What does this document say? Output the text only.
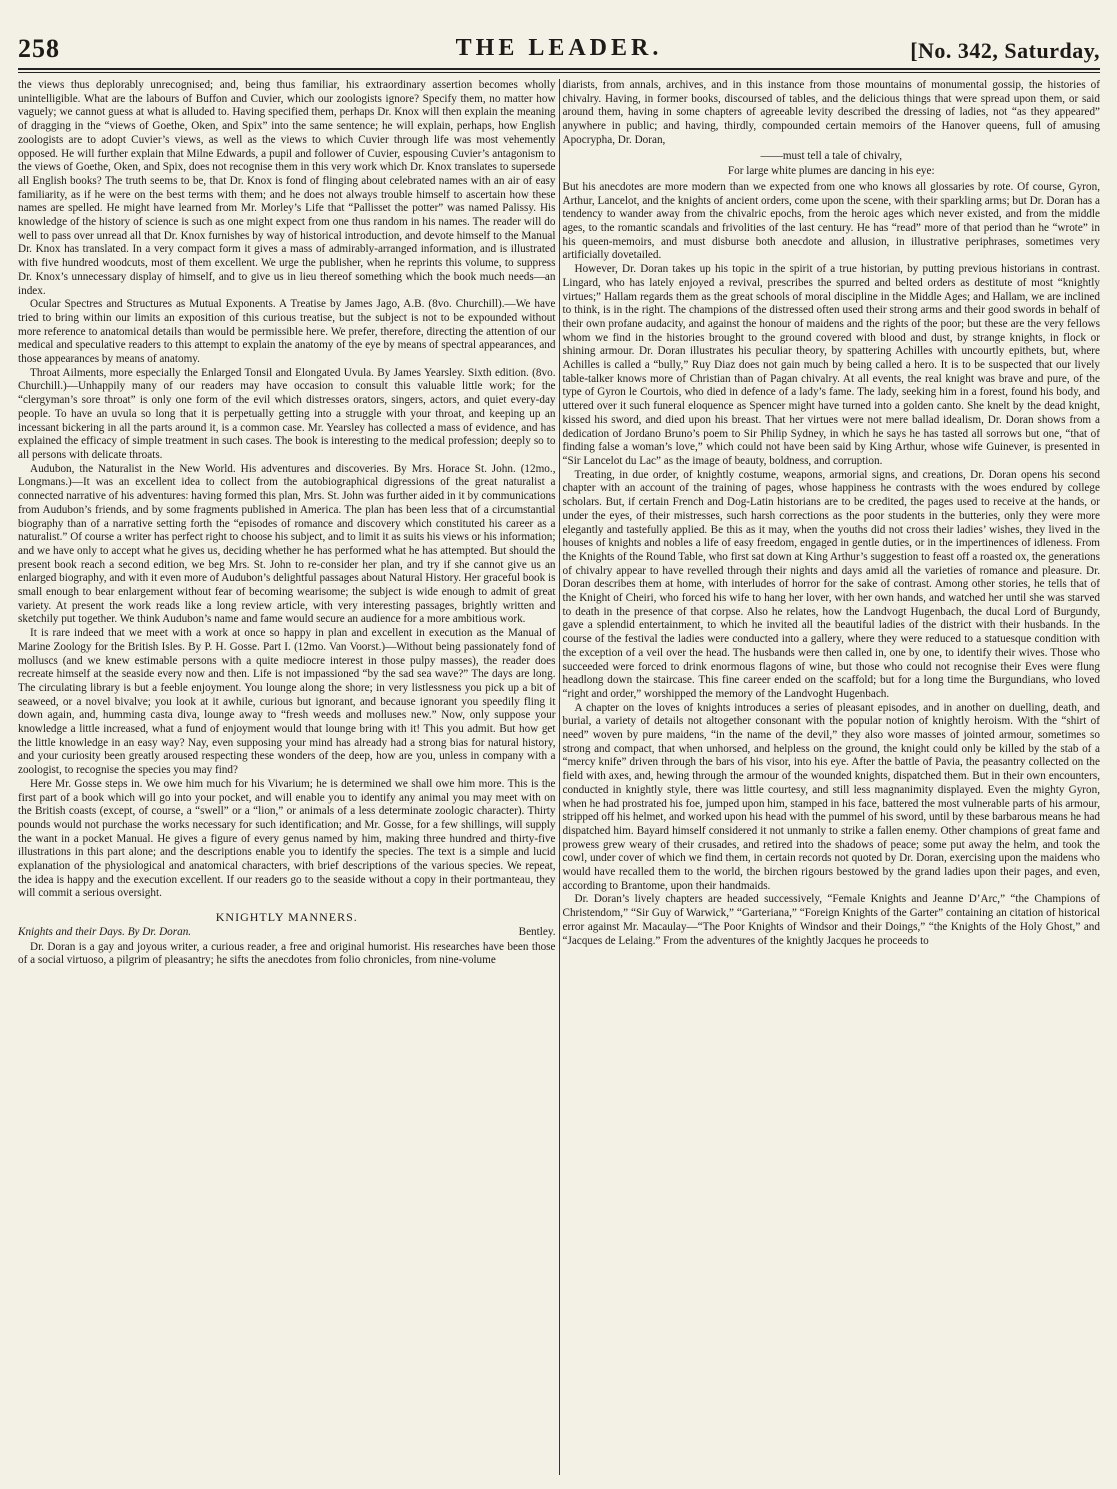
258	THE LEADER.	[No. 342, Saturday,

the views thus deplorably unrecognised; and, being thus familiar, his extraordinary assertion becomes wholly unintelligible. What are the labours of Buffon and Cuvier, which our zoologists ignore? Specify them, no matter how vaguely; we cannot guess at what is alluded to. Having specified them, perhaps Dr. Knox will then explain the meaning of dragging in the “views of Goethe, Oken, and Spix” into the same sentence; he will explain, perhaps, how English zoologists are to adopt Cuvier’s views, as well as the views to which Cuvier through life was most vehemently opposed. He will further explain that Milne Edwards, a pupil and follower of Cuvier, espousing Cuvier’s antagonism to the views of Goethe, Oken, and Spix, does not recognise them in this very work which Dr. Knox translates to supersede all English books? The truth seems to be, that Dr. Knox is fond of flinging about celebrated names with an air of easy familiarity, as if he were on the best terms with them; and he does not always trouble himself to ascertain how these names are spelled. He might have learned from Mr. Morley’s Life that “Pallisset the potter” was named Palissy. His knowledge of the history of science is such as one might expect from one thus random in his names. The reader will do well to pass over unread all that Dr. Knox furnishes by way of historical introduction, and devote himself to the Manual Dr. Knox has translated. In a very compact form it gives a mass of admirably-arranged information, and is illustrated with five hundred woodcuts, most of them excellent. We urge the publisher, when he reprints this volume, to suppress Dr. Knox’s unnecessary display of himself, and to give us in lieu thereof something which the book much needs—an index.

Ocular Spectres and Structures as Mutual Exponents. A Treatise by James Jago, A.B. (8vo. Churchill).—We have tried to bring within our limits an exposition of this curious treatise, but the subject is not to be expounded without more reference to anatomical details than would be permissible here. We prefer, therefore, directing the attention of our medical and speculative readers to this attempt to explain the anatomy of the eye by means of spectral appearances, and those appearances by means of anatomy.

Throat Ailments, more especially the Enlarged Tonsil and Elongated Uvula. By James Yearsley. Sixth edition. (8vo. Churchill.)—Unhappily many of our readers may have occasion to consult this valuable little work; for the “clergyman’s sore throat” is only one form of the evil which distresses orators, singers, actors, and quiet every-day people. To have an uvula so long that it is perpetually getting into a struggle with your throat, and keeping up an incessant bickering in all the parts around it, is a common case. Mr. Yearsley has collected a mass of evidence, and has explained the efficacy of simple treatment in such cases. The book is interesting to the medical profession; deeply so to all persons with delicate throats.

Audubon, the Naturalist in the New World. His adventures and discoveries. By Mrs. Horace St. John. (12mo., Longmans.)—It was an excellent idea to collect from the autobiographical digressions of the great naturalist a connected narrative of his adventures: having formed this plan, Mrs. St. John was further aided in it by communications from Audubon’s friends, and by some fragments published in America. The plan has been less that of a circumstantial biography than of a narrative setting forth the “episodes of romance and discovery which constituted his career as a naturalist.” Of course a writer has perfect right to choose his subject, and to limit it as suits his views or his information; and we have only to accept what he gives us, deciding whether he has performed what he has attempted. But should the present book reach a second edition, we beg Mrs. St. John to re-consider her plan, and try if she cannot give us an enlarged biography, and with it even more of Audubon’s delightful passages about Natural History. Her graceful book is small enough to bear enlargement without fear of becoming wearisome; the subject is wide enough to admit of great variety. At present the work reads like a long review article, with very interesting passages, brightly written and sketchily put together. We think Audubon’s name and fame would secure an audience for a more ambitious work.

It is rare indeed that we meet with a work at once so happy in plan and excellent in execution as the Manual of Marine Zoology for the British Isles. By P. H. Gosse. Part I. (12mo. Van Voorst.)—Without being passionately fond of molluscs (and we knew estimable persons with a quite mediocre interest in those pulpy masses), the reader does recreate himself at the seaside every now and then. Life is not impassioned “by the sad sea wave?” The days are long. The circulating library is but a feeble enjoyment. You lounge along the shore; in very listlessness you pick up a bit of seaweed, or a novel bivalve; you look at it awhile, curious but ignorant, and because ignorant you speedily fling it down again, and, humming casta diva, lounge away to “fresh weeds and molluses new.” Now, only suppose your knowledge a little increased, what a fund of enjoyment would that lounge bring with it! This you admit. But how get the little knowledge in an easy way? Nay, even supposing your mind has already had a strong bias for natural history, and your curiosity been greatly aroused respecting these wonders of the deep, how are you, unless in company with a zoologist, to recognise the species you may find?

Here Mr. Gosse steps in. We owe him much for his Vivarium; he is determined we shall owe him more. This is the first part of a book which will go into your pocket, and will enable you to identify any animal you may meet with on the British coasts (except, of course, a “swell” or a “lion,” or animals of a less determinate zoologic character). Thirty pounds would not purchase the works necessary for such identification; and Mr. Gosse, for a few shillings, will supply the want in a pocket Manual. He gives a figure of every genus named by him, making three hundred and thirty-five illustrations in this part alone; and the descriptions enable you to identify the species. The text is a simple and lucid explanation of the physiological and anatomical characters, with brief descriptions of the various species. We repeat, the idea is happy and the execution excellent. If our readers go to the seaside without a copy in their portmanteau, they will commit a serious oversight.

KNIGHTLY MANNERS.
Knights and their Days. By Dr. Doran.	Bentley.

Dr. Doran is a gay and joyous writer, a curious reader, a free and original humorist. His researches have been those of a social virtuoso, a pilgrim of pleasantry; he sifts the anecdotes from folio chronicles, from nine-volume

diarists, from annals, archives, and in this instance from those mountains of monumental gossip, the histories of chivalry. Having, in former books, discoursed of tables, and the delicious things that were spread upon them, or said around them, having in some chapters of agreeable levity described the dressing of ladies, not “as they appeared” anywhere in public; and having, thirdly, compounded certain memoirs of the Hanover queens, full of amusing Apocrypha, Dr. Doran,

——must tell a tale of chivalry,
For large white plumes are dancing in his eye:

But his anecdotes are more modern than we expected from one who knows all glossaries by rote. Of course, Gyron, Arthur, Lancelot, and the knights of ancient orders, come upon the scene, with their sparkling arms; but Dr. Doran has a tendency to wander away from the chivalric epochs, from the heroic ages which never existed, and from the middle ages, to the romantic scandals and frivolities of the last century. He has “read” more of that period than he “wrote” in his queen-memoirs, and must disburse both anecdote and allusion, in illustrative periphrases, sometimes very artificially dovetailed.

However, Dr. Doran takes up his topic in the spirit of a true historian, by putting previous historians in contrast. Lingard, who has lately enjoyed a revival, prescribes the spurred and belted orders as destitute of most “knightly virtues;” Hallam regards them as the great schools of moral discipline in the Middle Ages; and Hallam, we are inclined to think, is in the right. The champions of the distressed often used their strong arms and their good swords in behalf of their own profane audacity, and against the honour of maidens and the rights of the poor; but these are the very fellows whom we find in the histories brought to the ground covered with blood and dust, by strange knights, in flock or shining armour. Dr. Doran illustrates his peculiar theory, by spattering Achilles with uncourtly epithets, but, where Achilles is called a “bully,” Ruy Diaz does not gain much by being called a hero. It is to be suspected that our lively table-talker knows more of Christian than of Pagan chivalry. At all events, the real knight was brave and pure, of the type of Gyron le Courtois, who died in defence of a lady’s fame. The lady, seeking him in a forest, found his body, and uttered over it such funeral eloquence as Spencer might have turned into a golden canto. She knelt by the dead knight, kissed his sword, and died upon his breast. That her virtues were not mere ballad idealism, Dr. Doran shows from a dedication of Jordano Bruno’s poem to Sir Philip Sydney, in which he says he has tasted all sorrows but one, “that of finding false a woman’s love,” which could not have been said by King Arthur, whose wife Guinever, is presented in “Sir Lancelot du Lac” as the image of beauty, boldness, and corruption.

Treating, in due order, of knightly costume, weapons, armorial signs, and creations, Dr. Doran opens his second chapter with an account of the training of pages, whose happiness he contrasts with the woes endured by college scholars. But, if certain French and Dog-Latin historians are to be credited, the pages used to receive at the hands, or under the eyes, of their mistresses, such harsh corrections as the poor students in the butteries, only they were more elegantly and tastefully applied. Be this as it may, when the youths did not cross their ladies’ wishes, they lived in the houses of knights and nobles a life of easy freedom, engaged in gentle duties, or in the impertinences of idleness. From the Knights of the Round Table, who first sat down at King Arthur’s suggestion to feast off a roasted ox, the generations of chivalry appear to have revelled through their nights and days amid all the varieties of romance and pleasure. Dr. Doran describes them at home, with interludes of horror for the sake of contrast. Among other stories, he tells that of the Knight of Cheiri, who forced his wife to hang her lover, with her own hands, and watched her until she was starved to death in the presence of that corpse. Also he relates, how the Landvogt Hugenbach, the ducal Lord of Burgundy, gave a splendid entertainment, to which he invited all the beautiful ladies of the district with their husbands. In the course of the festival the ladies were conducted into a gallery, where they were reduced to a statuesque condition with the exception of a veil over the head. The husbands were then called in, one by one, to identify their wives. Those who succeeded were forced to drink enormous flagons of wine, but those who could not recognise their Eves were flung headlong down the staircase. This fine career ended on the scaffold; but for a long time the Burgundians, who loved “right and order,” worshipped the memory of the Landvoght Hugenbach.

A chapter on the loves of knights introduces a series of pleasant episodes, and in another on duelling, death, and burial, a variety of details not altogether consonant with the popular notion of knightly heroism. With the “shirt of need” woven by pure maidens, “in the name of the devil,” they also wore masses of jointed armour, sometimes so strong and compact, that when unhorsed, and helpless on the ground, the knight could only be killed by the stab of a “mercy knife” driven through the bars of his visor, into his eye. After the battle of Pavia, the peasantry collected on the field with axes, and, hewing through the armour of the wounded knights, dispatched them. But in their own encounters, conducted in knightly style, there was little courtesy, and still less magnanimity displayed. Even the mighty Gyron, when he had prostrated his foe, jumped upon him, stamped in his face, battered the most vulnerable parts of his armour, stripped off his helmet, and worked upon his head with the pummel of his sword, until by these barbarous means he had dispatched him. Bayard himself considered it not unmanly to strike a fallen enemy. Other champions of great fame and prowess grew weary of their crusades, and retired into the shadows of peace; some put away the helm, and took the cowl, under cover of which we find them, in certain records not quoted by Dr. Doran, exercising upon the maidens who would have recalled them to the world, the birchen rigours bestowed by the grand ladies upon their pages, and even, according to Brantome, upon their handmaids.

Dr. Doran’s lively chapters are headed successively, “Female Knights and Jeanne D’Arc,” “the Champions of Christendom,” “Sir Guy of Warwick,” “Garteriana,” “Foreign Knights of the Garter” containing an citation of historical error against Mr. Macaulay—“The Poor Knights of Windsor and their Doings,” “the Knights of the Holy Ghost,” and “Jacques de Lelaing.” From the adventures of the knightly Jacques he proceeds to
